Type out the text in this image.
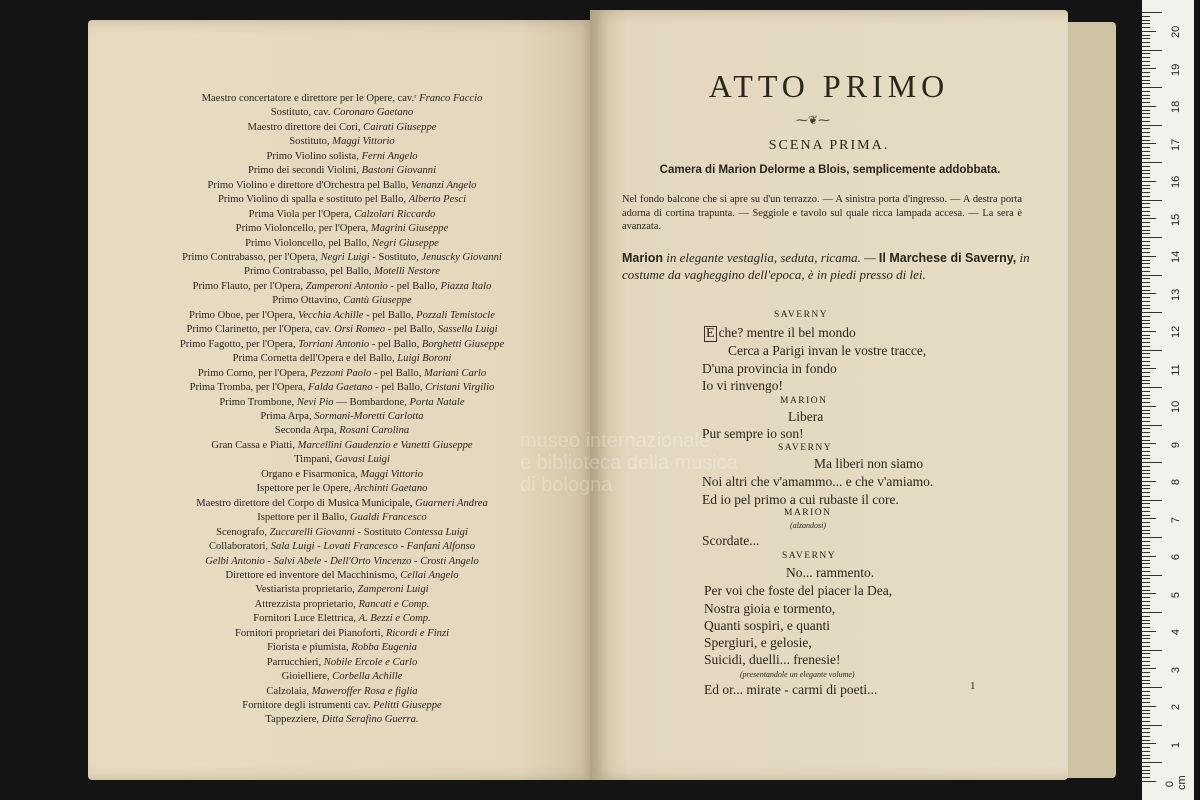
Maestro concertatore e direttore per le Opere, cav.ʳ Franco Faccio
Sostituto, cav. Coronaro Gaetano
Maestro direttore dei Cori, Cairati Giuseppe
Sostituto, Maggi Vittorio
Primo Violino solista, Ferni Angelo
Primo dei secondi Violini, Bastoni Giovanni
Primo Violino e direttore d'Orchestra pel Ballo, Venanzi Angelo
Primo Violino di spalla e sostituto pel Ballo, Alberto Pesci
Prima Viola per l'Opera, Calzolari Riccardo
Primo Violoncello, per l'Opera, Magrini Giuseppe
Primo Violoncello, pel Ballo, Negri Giuseppe
Primo Contrabasso, per l'Opera, Negri Luigi - Sostituto, Jenuscky Giovanni
Primo Contrabasso, pel Ballo, Motelli Nestore
Primo Flauto, per l'Opera, Zamperoni Antonio - pel Ballo, Piazza Italo
Primo Ottavino, Cantù Giuseppe
Primo Oboe, per l'Opera, Vecchia Achille - pel Ballo, Pozzali Temistocle
Primo Clarinetto, per l'Opera, cav. Orsi Romeo - pel Ballo, Sassella Luigi
Primo Fagotto, per l'Opera, Torriani Antonio - pel Ballo, Borghetti Giuseppe
Prima Cornetta dell'Opera e del Ballo, Luigi Boroni
Primo Corno, per l'Opera, Pezzoni Paolo - pel Ballo, Mariani Carlo
Prima Tromba, per l'Opera, Falda Gaetano - pel Ballo, Cristani Virgilio
Primo Trombone, Nevi Pio — Bombardone, Porta Natale
Prima Arpa, Sormani-Moretti Carlotta
Seconda Arpa, Rosani Carolina
Gran Cassa e Piatti, Marcellini Gaudenzio e Vanetti Giuseppe
Timpani, Gavasi Luigi
Organo e Fisarmonica, Maggi Vittorio
Ispettore per le Opere, Archinti Gaetano
Maestro direttore del Corpo di Musica Municipale, Guarneri Andrea
Ispettore per il Ballo, Gualdi Francesco
Scenografo, Zuccarelli Giovanni - Sostituto Contessa Luigi
Collaboratori, Sala Luigi - Lovati Francesco - Fanfani Alfonso
Gelbi Antonio - Salvi Abele - Dell'Orto Vincenzo - Crosti Angelo
Direttore ed inventore del Macchinismo, Cellai Angelo
Vestiarista proprietario, Zamperoni Luigi
Attrezzista proprietario, Rancati e Comp.
Fornitori Luce Elettrica, A. Bezzi e Comp.
Fornitori proprietari dei Pianoforti, Ricordi e Finzi
Fiorista e piumista, Robba Eugenia
Parrucchieri, Nobile Ercole e Carlo
Gioielliere, Corbella Achille
Calzolaia, Maweroffer Rosa e figlia
Fornitore degli istrumenti cav. Pelitti Giuseppe
Tappezziere, Ditta Serafino Guerra.
ATTO PRIMO
⁓❦⁓
SCENA PRIMA.
Camera di Marion Delorme a Blois, semplicemente addobbata.
Nel fondo balcone che si apre su d'un terrazzo. — A sinistra porta d'ingresso. — A destra porta adorna di cortina trapunta. — Seggiole e tavolo sul quale ricca lampada accesa. — La sera è avanzata.
Marion in elegante vestaglia, seduta, ricama. — Il Marchese di Saverny, in costume da vagheggino dell'epoca, è in piedi presso di lei.
SAVERNY
E che? mentre il bel mondo
Cerca a Parigi invan le vostre tracce,
D'una provincia in fondo
Io vi rinvengo!
MARION
Libera
Pur sempre io son!
SAVERNY
Ma liberi non siamo
Noi altri che v'amammo... e che v'amiamo.
Ed io pel primo a cui rubaste il core.
MARION
(alzandosi)
Scordate...
SAVERNY
No... rammento.
Per voi che foste del piacer la Dea,
Nostra gioia e tormento,
Quanti sospiri, e quanti
Spergiuri, e gelosie,
Suicidi, duelli... frenesie!
(presentandole un elegante volume)
Ed or... mirate - carmi di poeti...	1
museo internazionale
e biblioteca della musica
di bologna
20
19
18
17
16
15
14
13
12
11
10
9
8
7
6
5
4
3
2
1
0 cm
